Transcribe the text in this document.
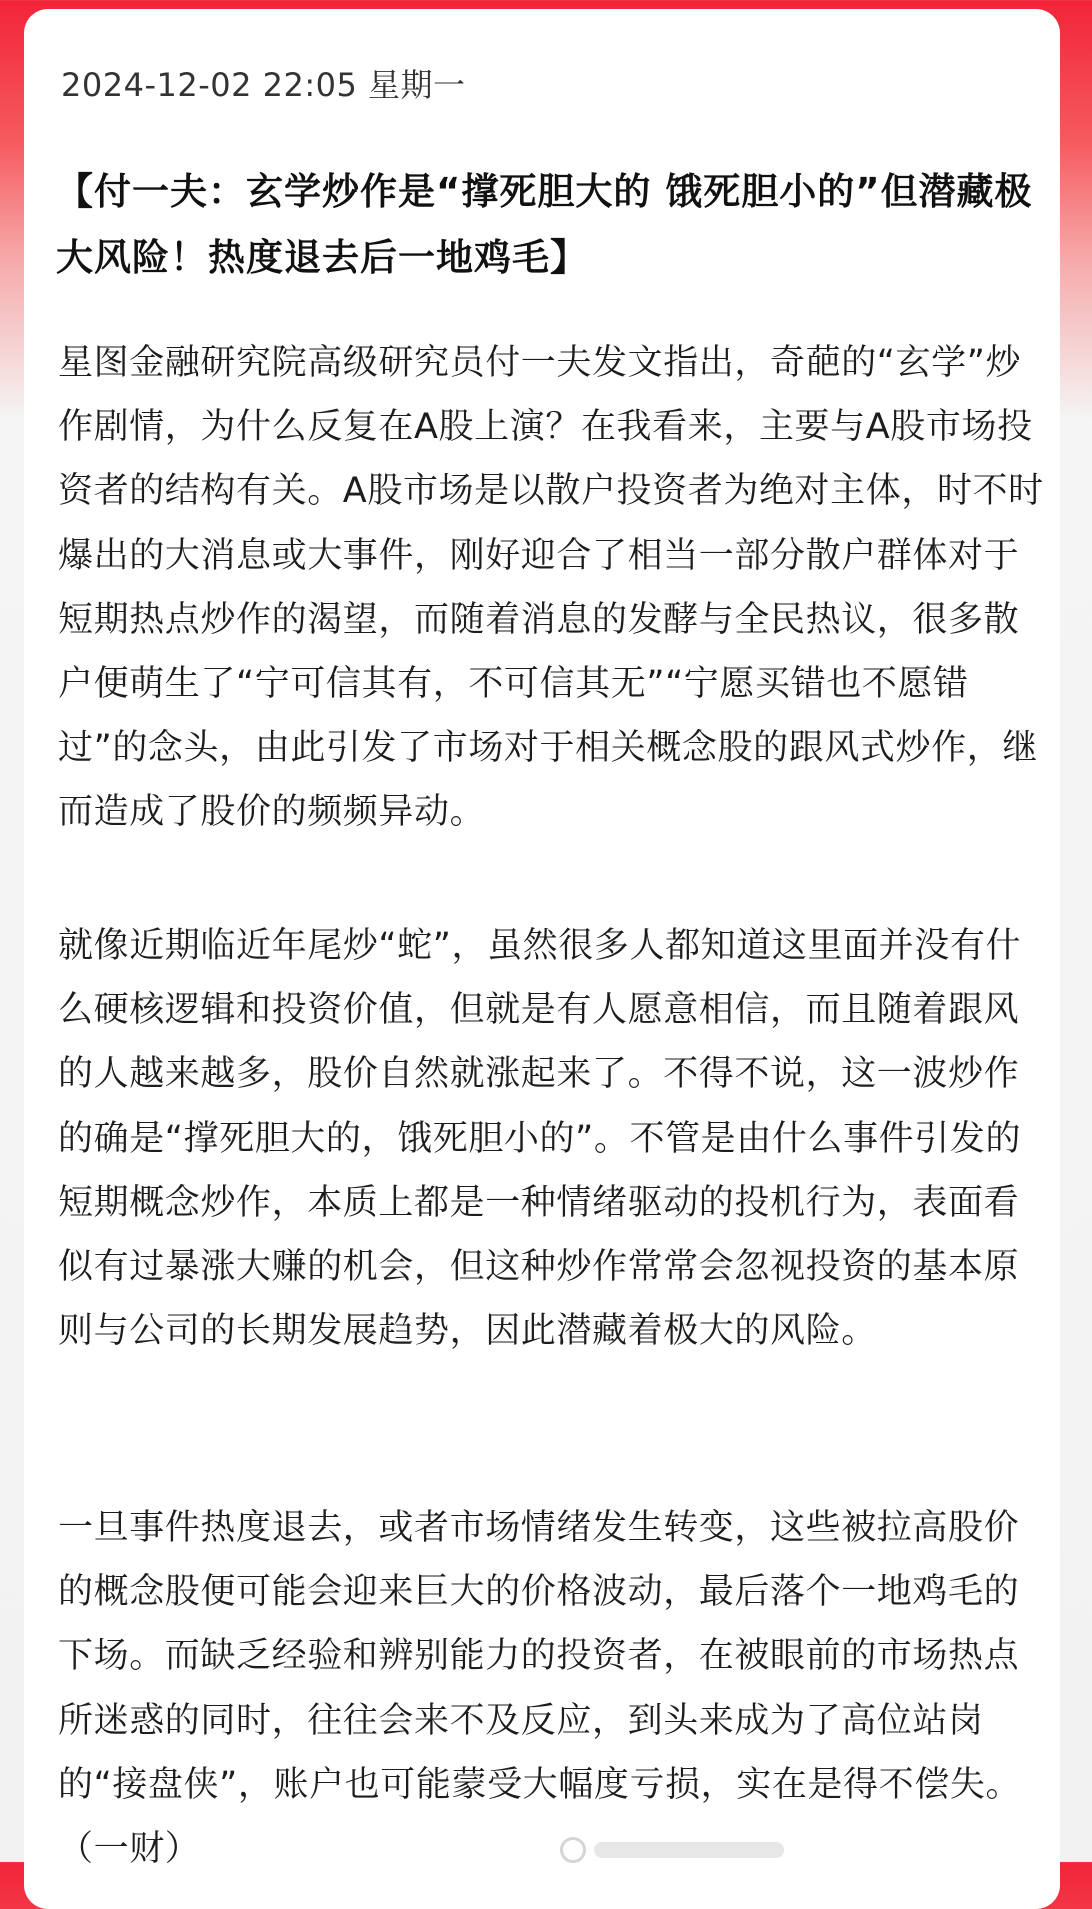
2024-12-02 22:05 星期一
【付一夫：玄学炒作是“撑死胆大的 饿死胆小的”但潜藏极大风险！热度退去后一地鸡毛】
星图金融研究院高级研究员付一夫发文指出，奇葩的“玄学”炒作剧情，为什么反复在A股上演？在我看来，主要与A股市场投资者的结构有关。A股市场是以散户投资者为绝对主体，时不时爆出的大消息或大事件，刚好迎合了相当一部分散户群体对于短期热点炒作的渴望，而随着消息的发酵与全民热议，很多散户便萌生了“宁可信其有，不可信其无”“宁愿买错也不愿错过”的念头，由此引发了市场对于相关概念股的跟风式炒作，继而造成了股价的频频异动。
就像近期临近年尾炒“蛇”，虽然很多人都知道这里面并没有什么硬核逻辑和投资价值，但就是有人愿意相信，而且随着跟风的人越来越多，股价自然就涨起来了。不得不说，这一波炒作的确是“撑死胆大的，饿死胆小的”。不管是由什么事件引发的短期概念炒作，本质上都是一种情绪驱动的投机行为，表面看似有过暴涨大赚的机会，但这种炒作常常会忽视投资的基本原则与公司的长期发展趋势，因此潜藏着极大的风险。
一旦事件热度退去，或者市场情绪发生转变，这些被拉高股价的概念股便可能会迎来巨大的价格波动，最后落个一地鸡毛的下场。而缺乏经验和辨别能力的投资者，在被眼前的市场热点所迷惑的同时，往往会来不及反应，到头来成为了高位站岗的“接盘侠”，账户也可能蒙受大幅度亏损，实在是得不偿失。（一财）
